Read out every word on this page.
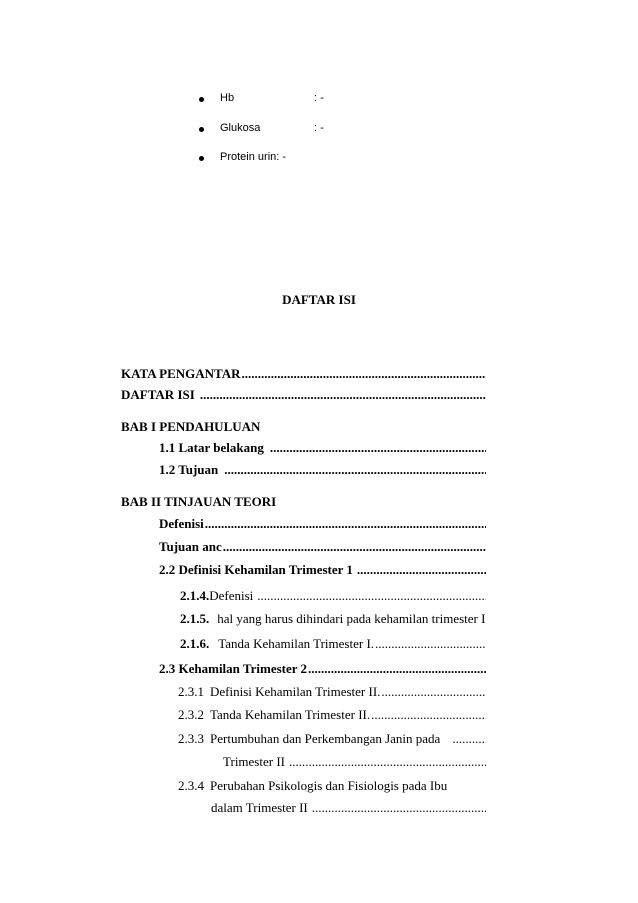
Hb	: -
Glukosa	: -
Protein urin: -
DAFTAR ISI
KATA PENGANTAR
.....
DAFTAR ISI
.....
BAB I PENDAHULUAN
1.1 Latar belakang
.....
1.2 Tujuan
.....
BAB II TINJAUAN TEORI
Defenisi
.....
Tujuan anc
.....
2.2 Definisi Kehamilan Trimester 1
.....
2.1.4. Defenisi
.....
2.1.5. hal yang harus dihindari pada kehamilan trimester I
2.1.6. Tanda Kehamilan Trimester I.
.....
2.3 Kehamilan Trimester 2
.....
2.3.1 Definisi Kehamilan Trimester II.
.....
2.3.2 Tanda Kehamilan Trimester II.
.....
2.3.3 Pertumbuhan dan Perkembangan Janin pada
.....
Trimester II
.....
2.3.4 Perubahan Psikologis dan Fisiologis pada Ibu
dalam Trimester II
.....
